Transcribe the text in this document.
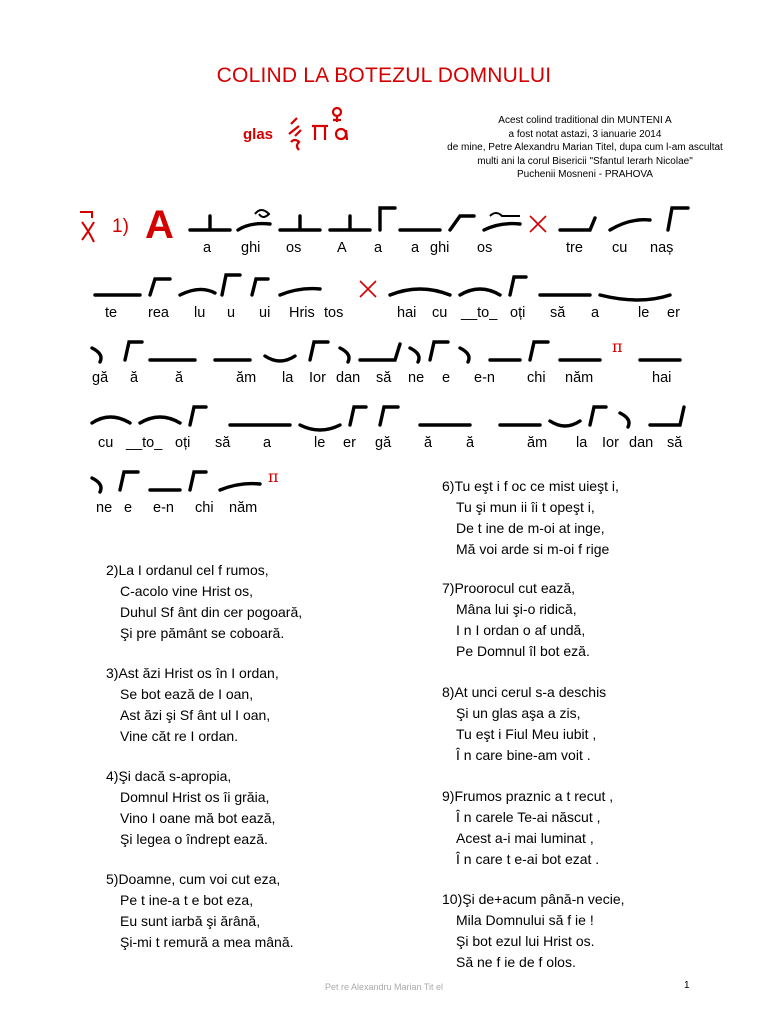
COLIND LA BOTEZUL DOMNULUI
glas
Acest colind traditional din MUNTENI A
a fost notat astazi, 3 ianuarie 2014
de mine, Petre Alexandru Marian Titel, dupa cum l-am ascultat
multi ani la corul Bisericii "Sfantul Ierarh Nicolae"
Puchenii Mosneni - PRAHOVA
1) A
a ghi os A a a ghi os	tre cu naș
te rea lu u ui Hris tos	hai cu __to_ oți să a	le er
π
gă ă	ă	ăm la Ior dan să ne e e-n chi năm	hai
cu __to_ oți să a	le er gă ă ă	ăm la Ior dan să
π
ne e e-n chi năm
2)La I ordanul cel f rumos,
C-acolo vine Hrist os,
Duhul Sf ânt din cer pogoară,
Şi pre pământ se coboară.
3)Ast ăzi Hrist os în I ordan,
Se bot ează de I oan,
Ast ăzi şi Sf ânt ul I oan,
Vine căt re I ordan.
4)Şi dacă s-apropia,
Domnul Hrist os îi grăia,
Vino I oane mă bot ează,
Şi legea o îndrept ează.
5)Doamne, cum voi cut eza,
Pe t ine-a t e bot eza,
Eu sunt iarbă şi ărână,
Şi-mi t remură a mea mână.
6)Tu eşt i f oc ce mist uieşt i,
Tu şi mun ii îi t opeşt i,
De t ine de m-oi at inge,
Mă voi arde si m-oi f rige
7)Proorocul cut ează,
Mâna lui şi-o ridică,
I n I ordan o af undă,
Pe Domnul îl bot eză.
8)At unci cerul s-a deschis
Şi un glas aşa a zis,
Tu eşt i Fiul Meu iubit ,
Î n care bine-am voit .
9)Frumos praznic a t recut ,
Î n carele Te-ai născut ,
Acest a-i mai luminat ,
Î n care t e-ai bot ezat .
10)Şi de+acum până-n vecie,
Mila Domnului să f ie !
Şi bot ezul lui Hrist os.
Să ne f ie de f olos.
Pet re Alexandru Marian Tit el	1
